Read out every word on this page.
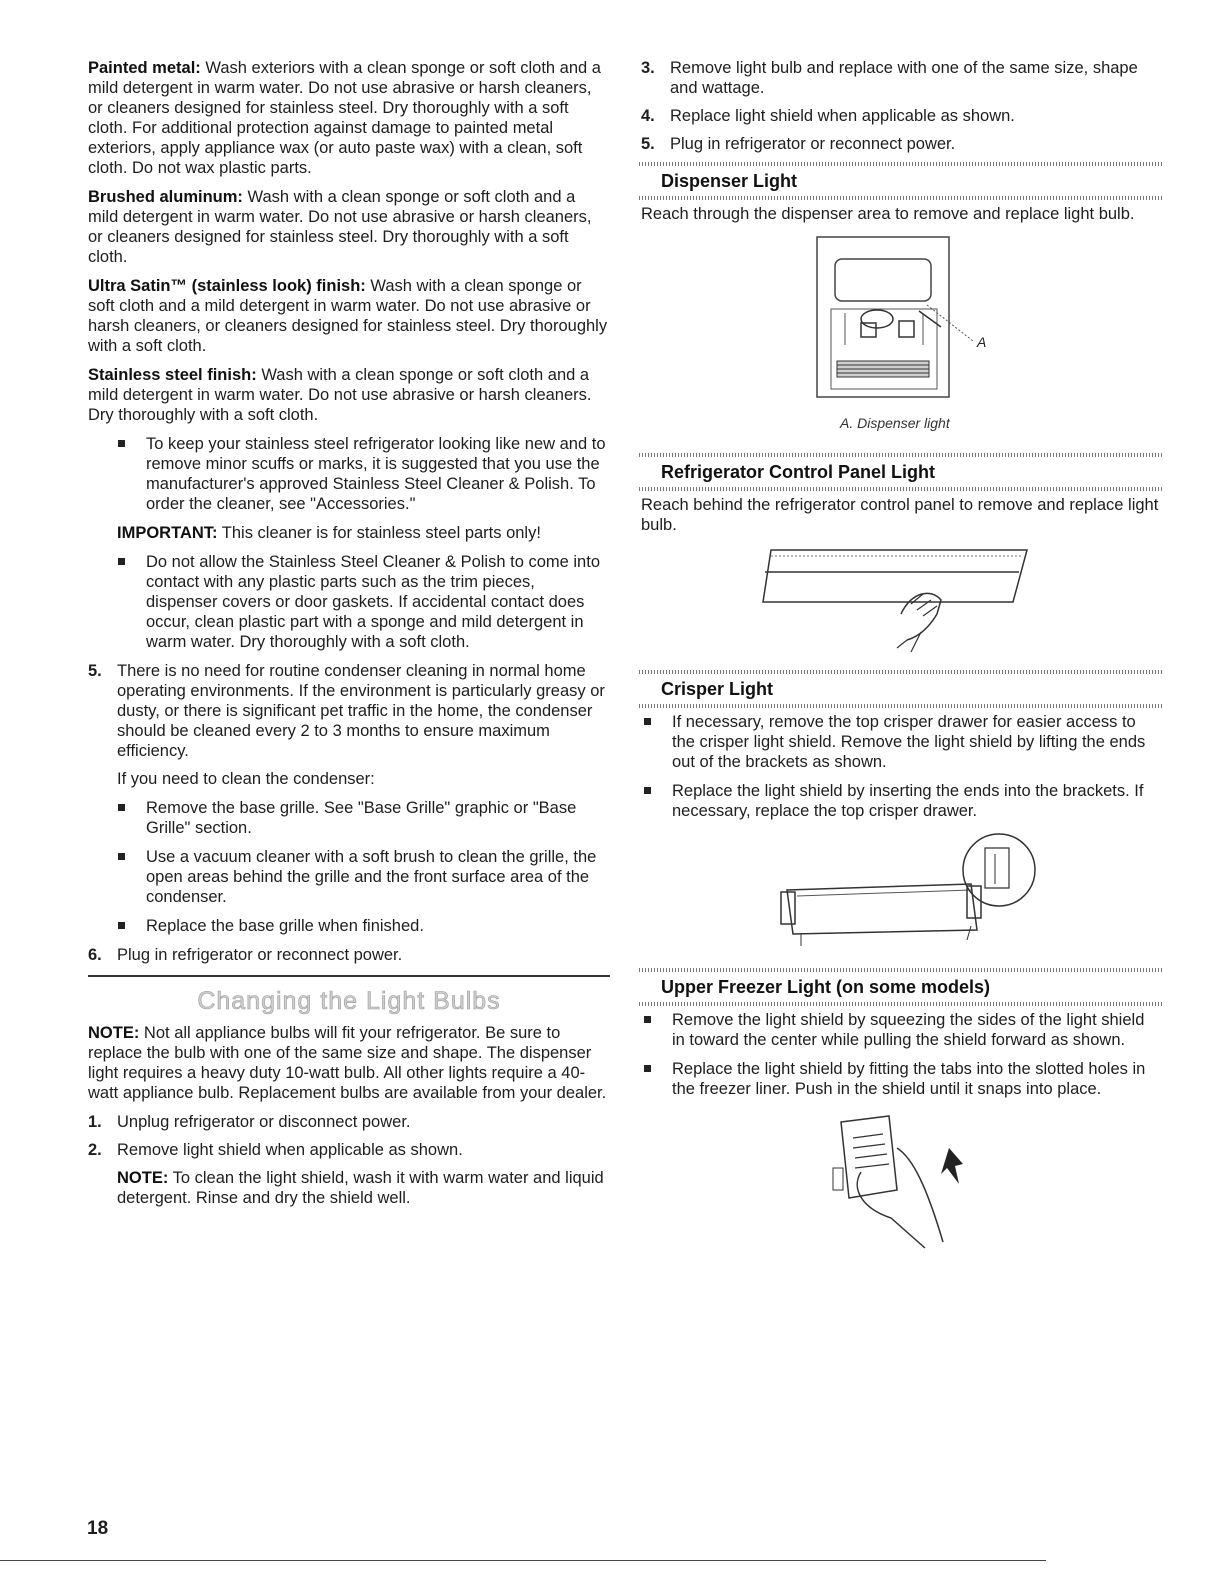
Painted metal: Wash exteriors with a clean sponge or soft cloth and a mild detergent in warm water. Do not use abrasive or harsh cleaners, or cleaners designed for stainless steel. Dry thoroughly with a soft cloth. For additional protection against damage to painted metal exteriors, apply appliance wax (or auto paste wax) with a clean, soft cloth. Do not wax plastic parts.

Brushed aluminum: Wash with a clean sponge or soft cloth and a mild detergent in warm water. Do not use abrasive or harsh cleaners, or cleaners designed for stainless steel. Dry thoroughly with a soft cloth.

Ultra Satin™ (stainless look) finish: Wash with a clean sponge or soft cloth and a mild detergent in warm water. Do not use abrasive or harsh cleaners, or cleaners designed for stainless steel. Dry thoroughly with a soft cloth.

Stainless steel finish: Wash with a clean sponge or soft cloth and a mild detergent in warm water. Do not use abrasive or harsh cleaners. Dry thoroughly with a soft cloth.

To keep your stainless steel refrigerator looking like new and to remove minor scuffs or marks, it is suggested that you use the manufacturer's approved Stainless Steel Cleaner & Polish. To order the cleaner, see "Accessories."

IMPORTANT: This cleaner is for stainless steel parts only!

Do not allow the Stainless Steel Cleaner & Polish to come into contact with any plastic parts such as the trim pieces, dispenser covers or door gaskets. If accidental contact does occur, clean plastic part with a sponge and mild detergent in warm water. Dry thoroughly with a soft cloth.
5. There is no need for routine condenser cleaning in normal home operating environments. If the environment is particularly greasy or dusty, or there is significant pet traffic in the home, the condenser should be cleaned every 2 to 3 months to ensure maximum efficiency.

If you need to clean the condenser:

Remove the base grille. See "Base Grille" graphic or "Base Grille" section.
Use a vacuum cleaner with a soft brush to clean the grille, the open areas behind the grille and the front surface area of the condenser.
Replace the base grille when finished.
6. Plug in refrigerator or reconnect power.
Changing the Light Bulbs

NOTE: Not all appliance bulbs will fit your refrigerator. Be sure to replace the bulb with one of the same size and shape. The dispenser light requires a heavy duty 10-watt bulb. All other lights require a 40-watt appliance bulb. Replacement bulbs are available from your dealer.

1. Unplug refrigerator or disconnect power.
2. Remove light shield when applicable as shown.

NOTE: To clean the light shield, wash it with warm water and liquid detergent. Rinse and dry the shield well.

3. Remove light bulb and replace with one of the same size, shape and wattage.
4. Replace light shield when applicable as shown.
5. Plug in refrigerator or reconnect power.
Dispenser Light

Reach through the dispenser area to remove and replace light bulb.

A
A. Dispenser light
Refrigerator Control Panel Light

Reach behind the refrigerator control panel to remove and replace light bulb.

Crisper Light
If necessary, remove the top crisper drawer for easier access to the crisper light shield. Remove the light shield by lifting the ends out of the brackets as shown.
Replace the light shield by inserting the ends into the brackets. If necessary, replace the top crisper drawer.
Upper Freezer Light (on some models)
Remove the light shield by squeezing the sides of the light shield in toward the center while pulling the shield forward as shown.
Replace the light shield by fitting the tabs into the slotted holes in the freezer liner. Push in the shield until it snaps into place.
18
